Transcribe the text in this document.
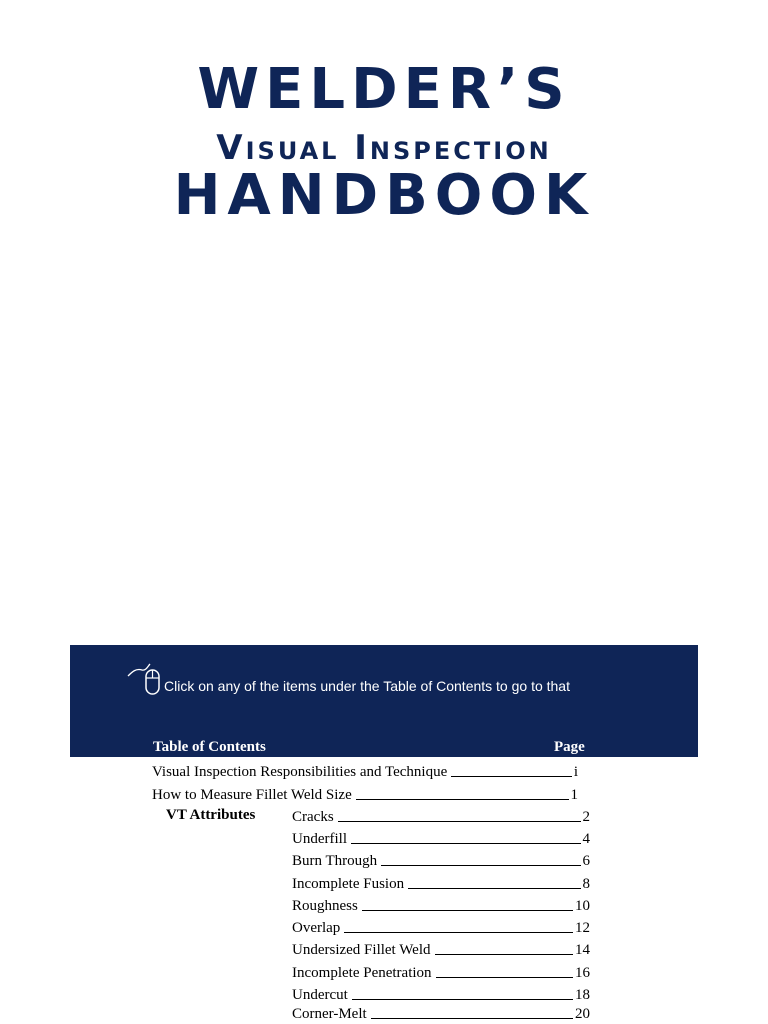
WELDER’S
Visual Inspection
HANDBOOK
Click on any of the items under the Table of Contents to go to that
Table of Contents	Page
Visual Inspection Responsibilities and Technique	i
How to Measure Fillet Weld Size	1
VT Attributes Cracks	2
Underfill	4
Burn Through	6
Incomplete Fusion	8
Roughness	10
Overlap	12
Undersized Fillet Weld	14
Incomplete Penetration	16
Undercut	18
Corner-Melt	20
